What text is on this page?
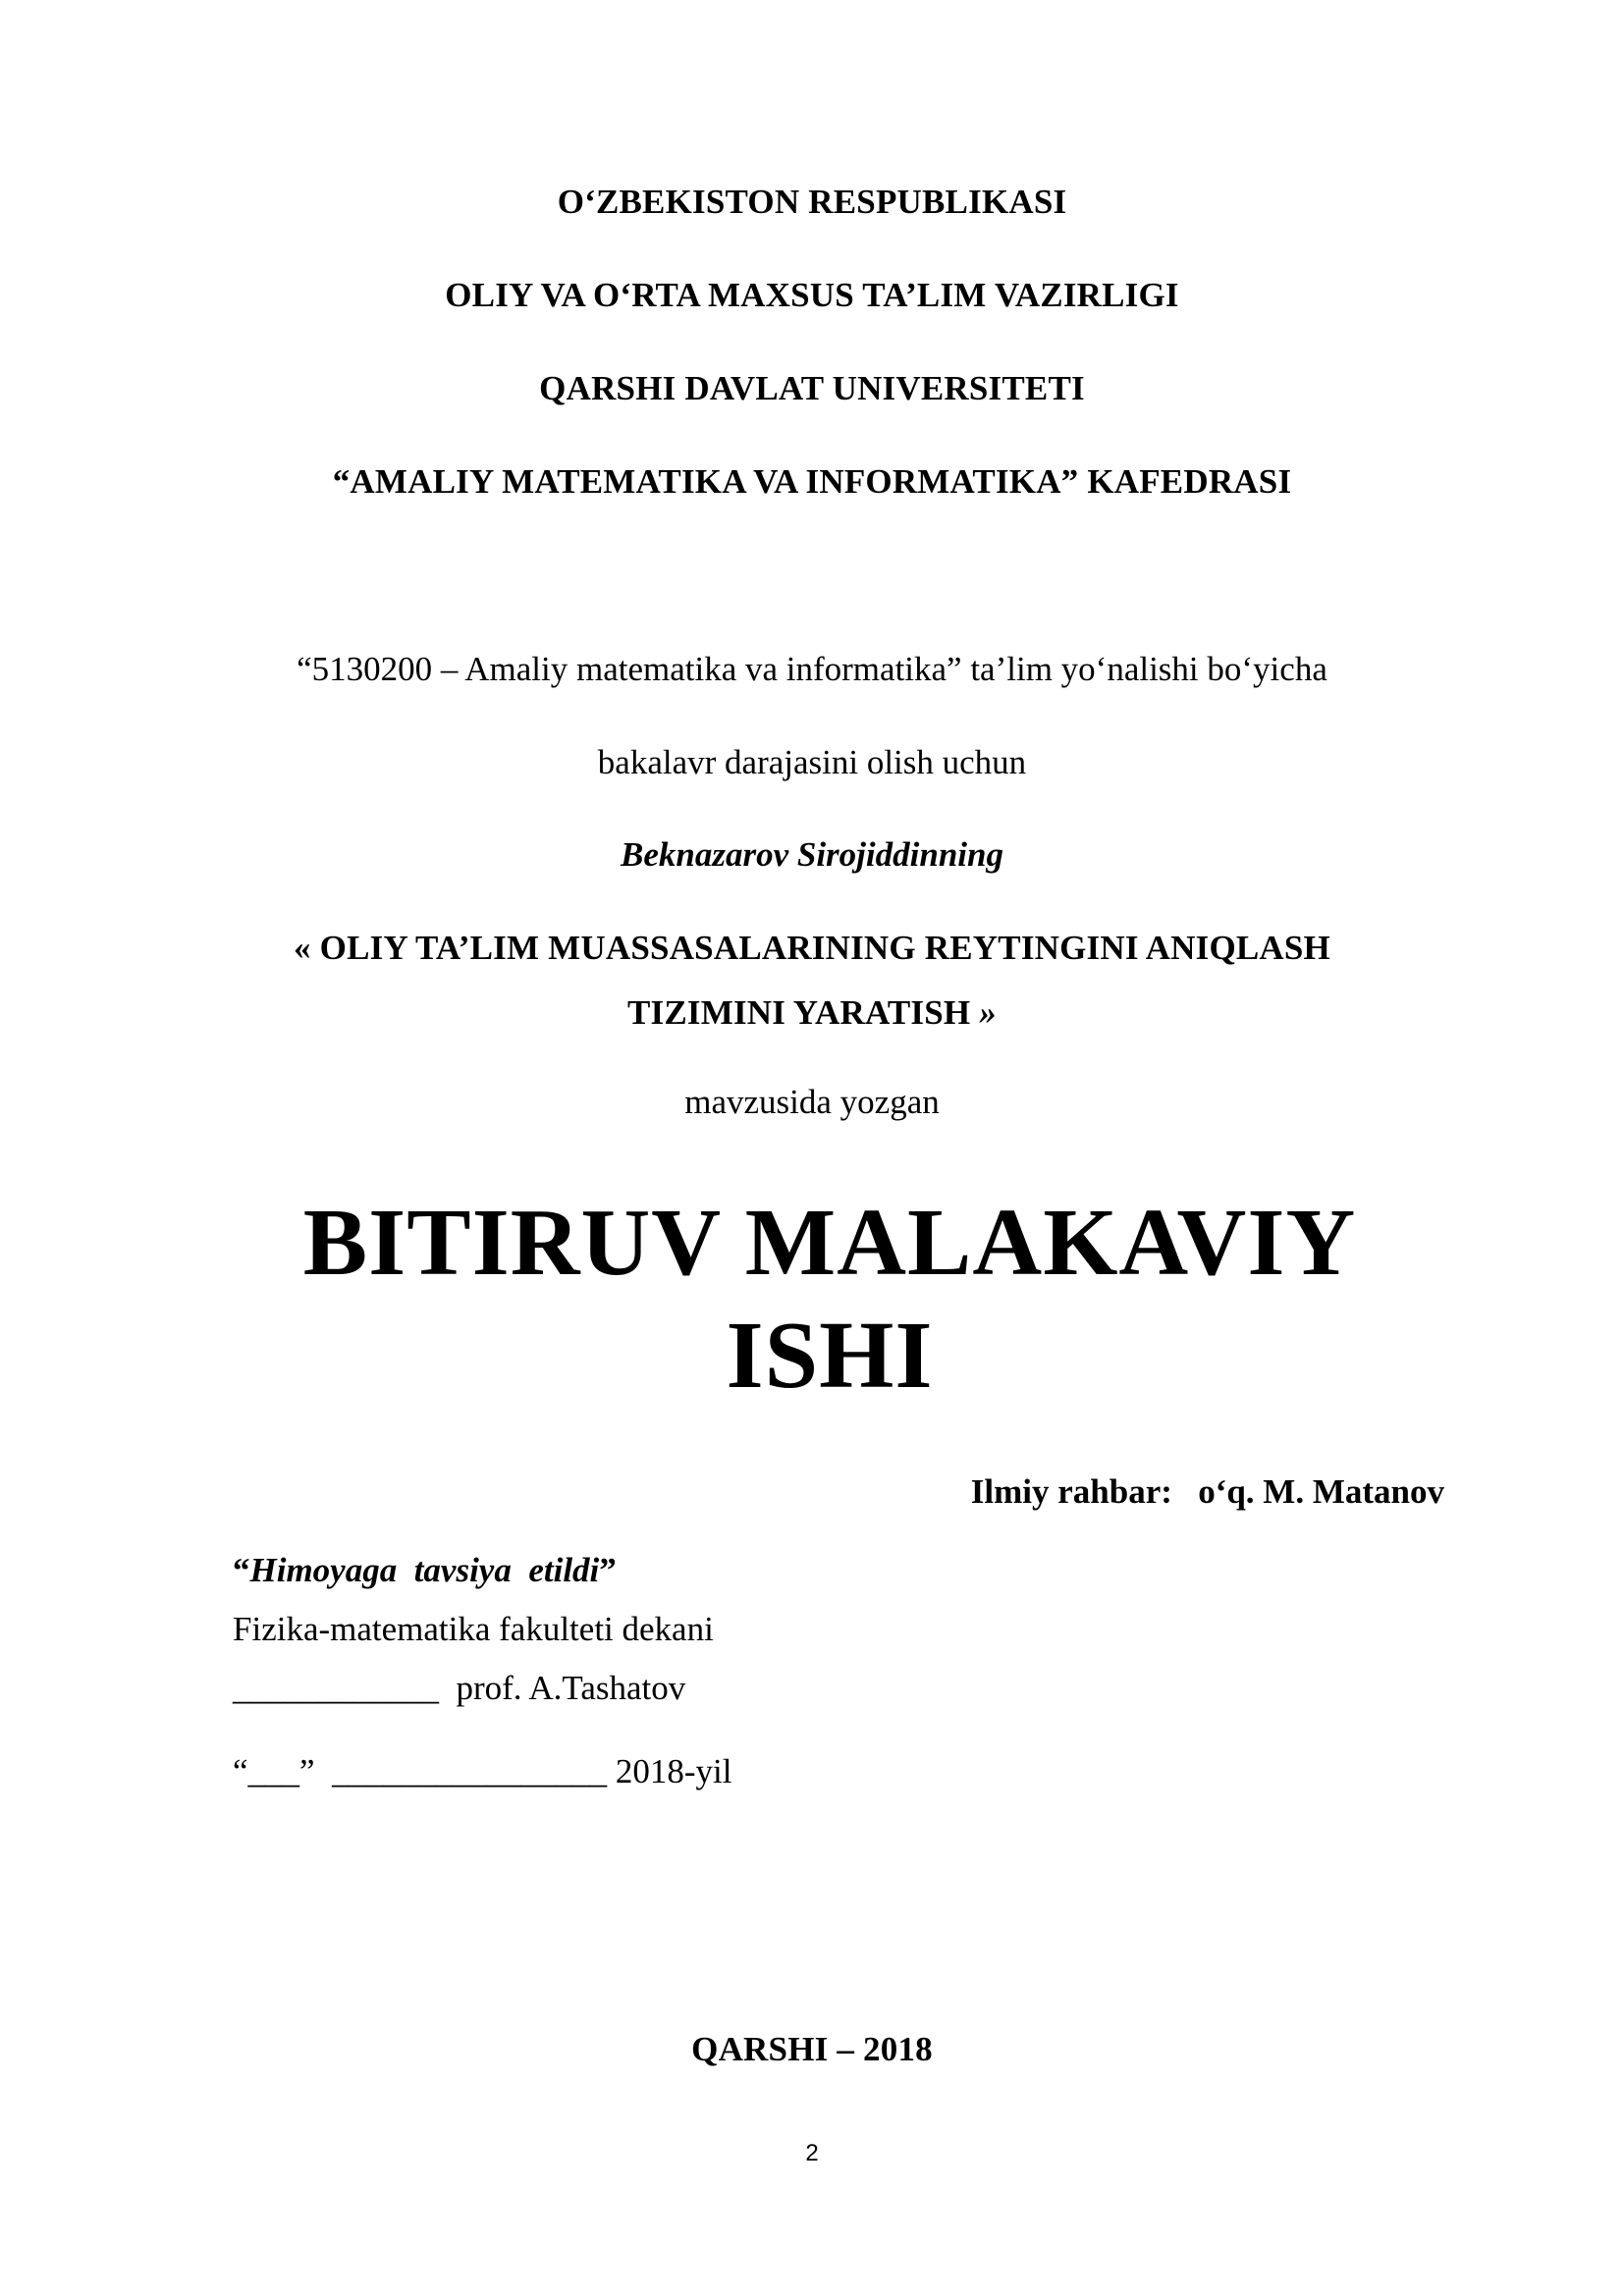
O‘ZBEKISTON RESPUBLIKASI
OLIY VA O‘RTA MAXSUS TA’LIM VAZIRLIGI
QARSHI DAVLAT UNIVERSITETI
“AMALIY MATEMATIKA VA INFORMATIKA” KAFEDRASI
“5130200 – Amaliy matematika va informatika” ta’lim yo‘nalishi bo‘yicha
bakalavr darajasini olish uchun
Beknazarov Sirojiddinning
« OLIY TA’LIM MUASSASALARINING REYTINGINI ANIQLASH
TIZIMINI YARATISH »
mavzusida yozgan
BITIRUV MALAKAVIY
ISHI
Ilmiy rahbar: o‘q. M. Matanov
“Himoyaga  tavsiya  etildi”
Fizika-matematika fakulteti dekani
____________  prof. A.Tashatov
“___”  ________________ 2018-yil
QARSHI – 2018
2
